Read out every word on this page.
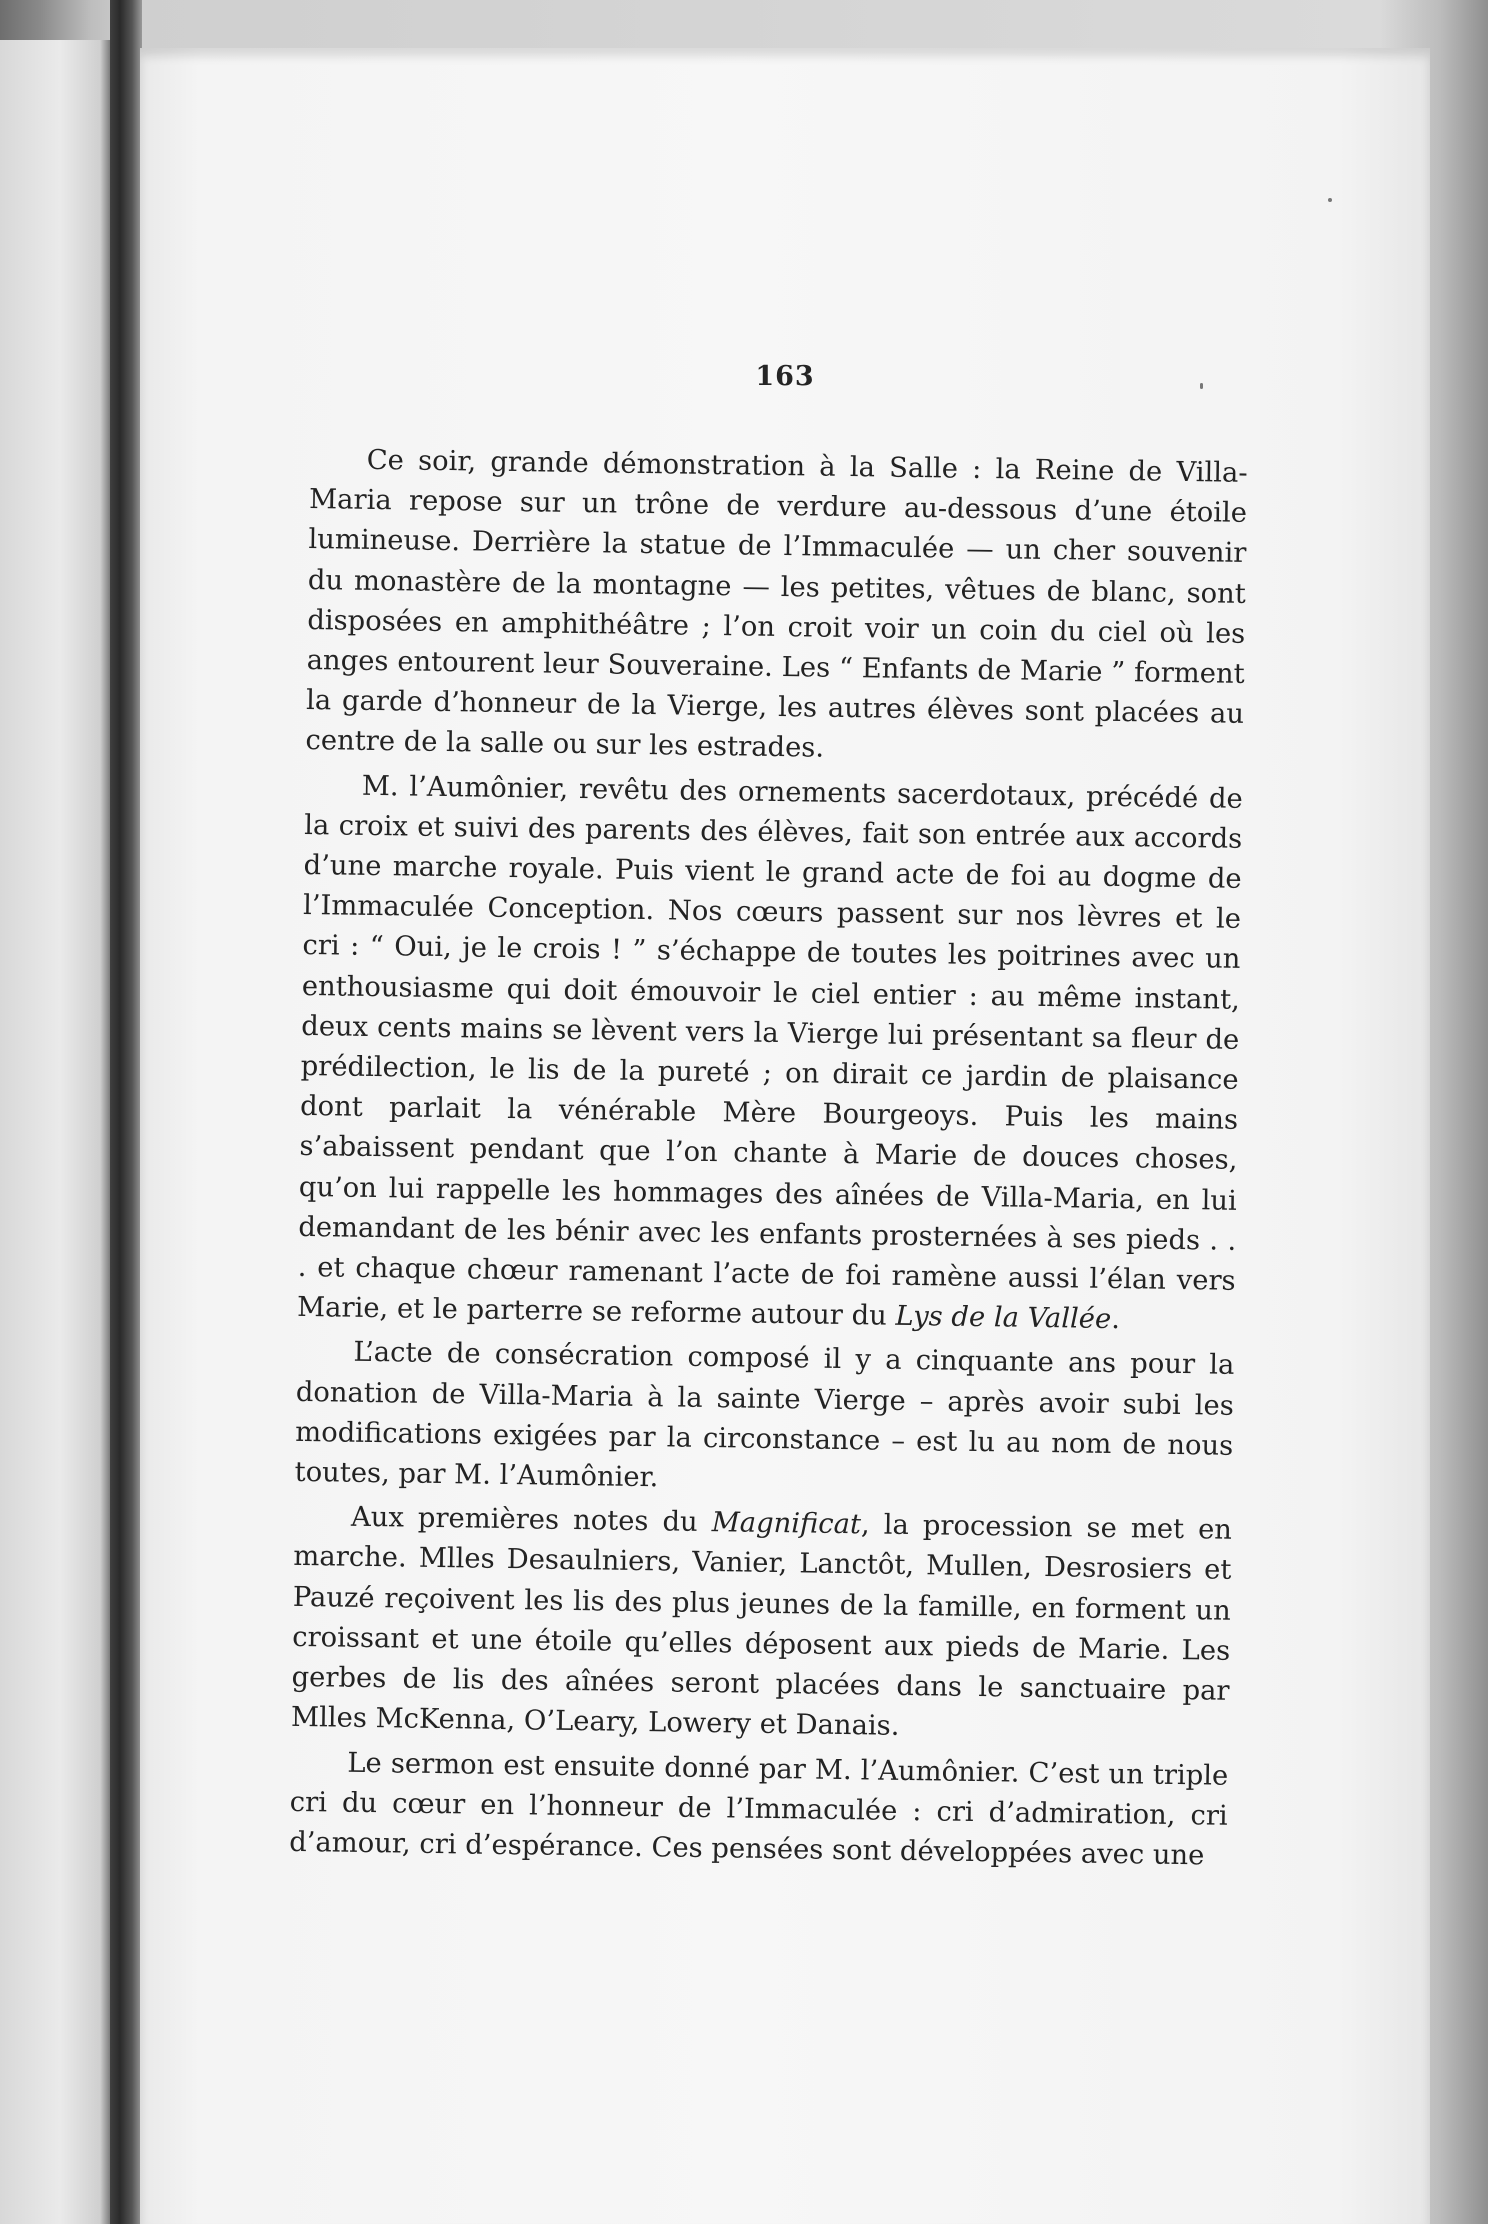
163

Ce soir, grande démonstration à la Salle : la Reine de Villa-Maria repose sur un trône de verdure au-dessous d’une étoile lumineuse. Derrière la statue de l’Immaculée — un cher souvenir du monastère de la montagne — les petites, vêtues de blanc, sont disposées en amphithéâtre ; l’on croit voir un coin du ciel où les anges entourent leur Souveraine. Les “ Enfants de Marie ” forment la garde d’honneur de la Vierge, les autres élèves sont placées au centre de la salle ou sur les estrades.

M. l’Aumônier, revêtu des ornements sacerdotaux, précédé de la croix et suivi des parents des élèves, fait son entrée aux accords d’une marche royale. Puis vient le grand acte de foi au dogme de l’Immaculée Conception. Nos cœurs passent sur nos lèvres et le cri : “ Oui, je le crois ! ” s’échappe de toutes les poitrines avec un enthousiasme qui doit émouvoir le ciel entier : au même instant, deux cents mains se lèvent vers la Vierge lui présentant sa fleur de prédilection, le lis de la pureté ; on dirait ce jardin de plaisance dont parlait la vénérable Mère Bourgeoys. Puis les mains s’abaissent pendant que l’on chante à Marie de douces choses, qu’on lui rappelle les hommages des aînées de Villa-Maria, en lui demandant de les bénir avec les enfants prosternées à ses pieds . . . et chaque chœur ramenant l’acte de foi ramène aussi l’élan vers Marie, et le parterre se reforme autour du Lys de la Vallée.

L’acte de consécration composé il y a cinquante ans pour la donation de Villa-Maria à la sainte Vierge – après avoir subi les modifications exigées par la circonstance – est lu au nom de nous toutes, par M. l’Aumônier.

Aux premières notes du Magnificat, la procession se met en marche. Mlles Desaulniers, Vanier, Lanctôt, Mullen, Desrosiers et Pauzé reçoivent les lis des plus jeunes de la famille, en forment un croissant et une étoile qu’elles déposent aux pieds de Marie. Les gerbes de lis des aînées seront placées dans le sanctuaire par Mlles McKenna, O’Leary, Lowery et Danais.

Le sermon est ensuite donné par M. l’Aumônier. C’est un triple cri du cœur en l’honneur de l’Immaculée : cri d’admiration, cri d’amour, cri d’espérance. Ces pensées sont développées avec une
